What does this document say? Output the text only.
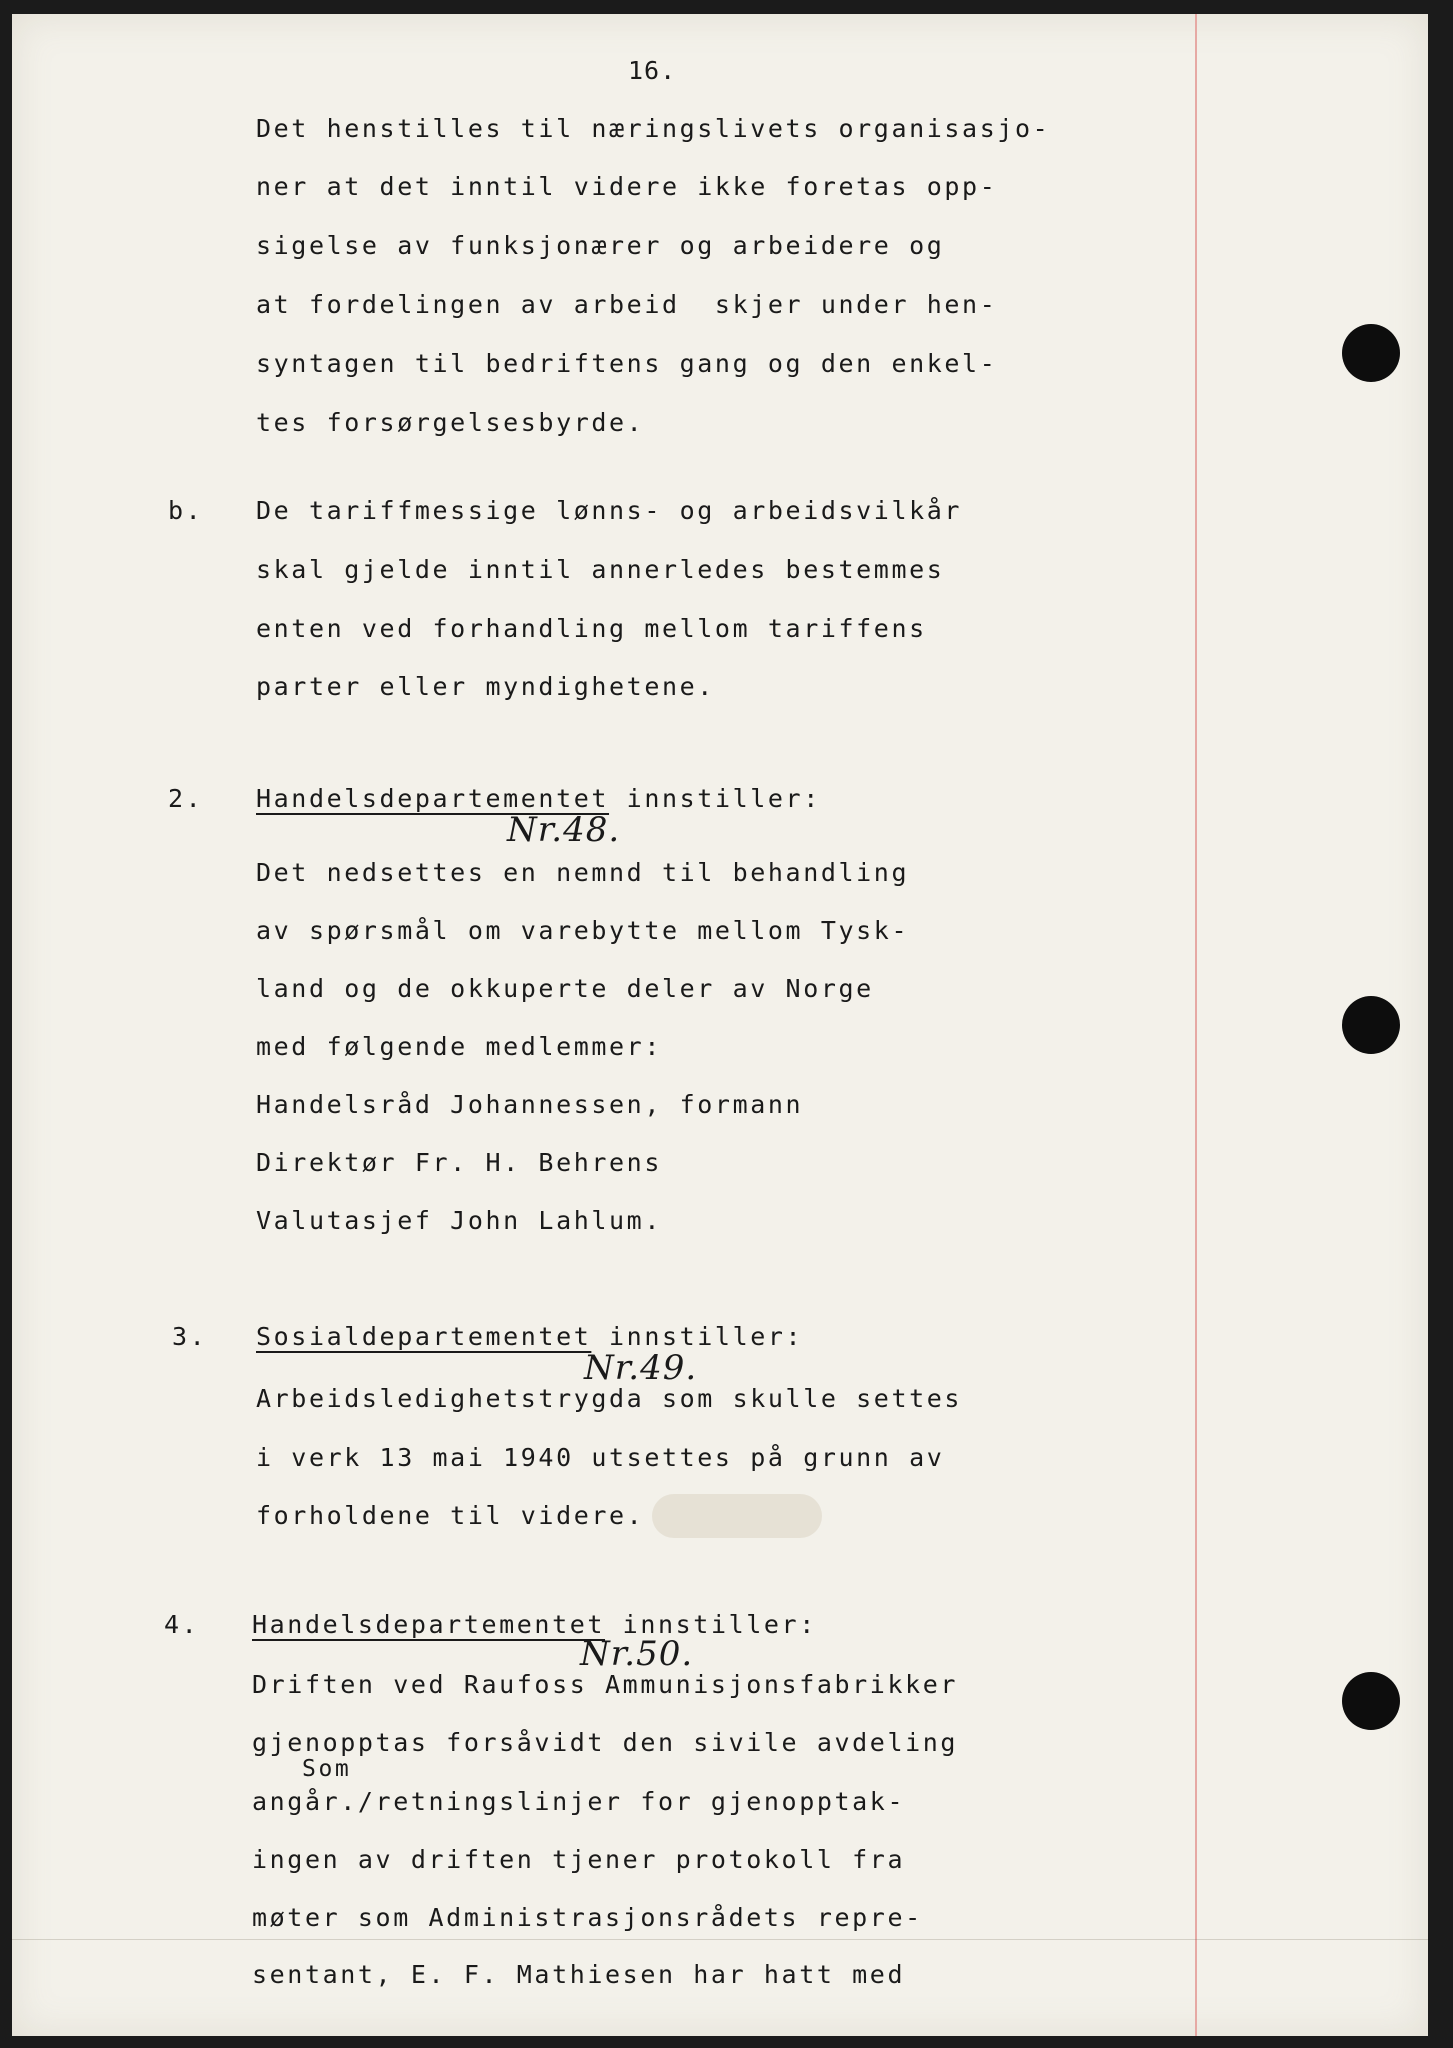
16.
Det henstilles til næringslivets organisasjo-
ner at det inntil videre ikke foretas opp-
sigelse av funksjonærer og arbeidere og
at fordelingen av arbeid  skjer under hen-
syntagen til bedriftens gang og den enkel-
tes forsørgelsesbyrde.
b. De tariffmessige lønns- og arbeidsvilkår
skal gjelde inntil annerledes bestemmes
enten ved forhandling mellom tariffens
parter eller myndighetene.
2. Handelsdepartementet innstiller:
Nr.48.
Det nedsettes en nemnd til behandling
av spørsmål om varebytte mellom Tysk-
land og de okkuperte deler av Norge
med følgende medlemmer:
Handelsråd Johannessen, formann
Direktør Fr. H. Behrens
Valutasjef John Lahlum.
3. Sosialdepartementet innstiller:
Nr.49.
Arbeidsledighetstrygda som skulle settes
i verk 13 mai 1940 utsettes på grunn av
forholdene til videre.
4. Handelsdepartementet innstiller:
Nr.50.
Driften ved Raufoss Ammunisjonsfabrikker
gjenopptas forsåvidt den sivile avdeling
Som
angår./retningslinjer for gjenopptak-
ingen av driften tjener protokoll fra
møter som Administrasjonsrådets repre-
sentant, E. F. Mathiesen har hatt med
